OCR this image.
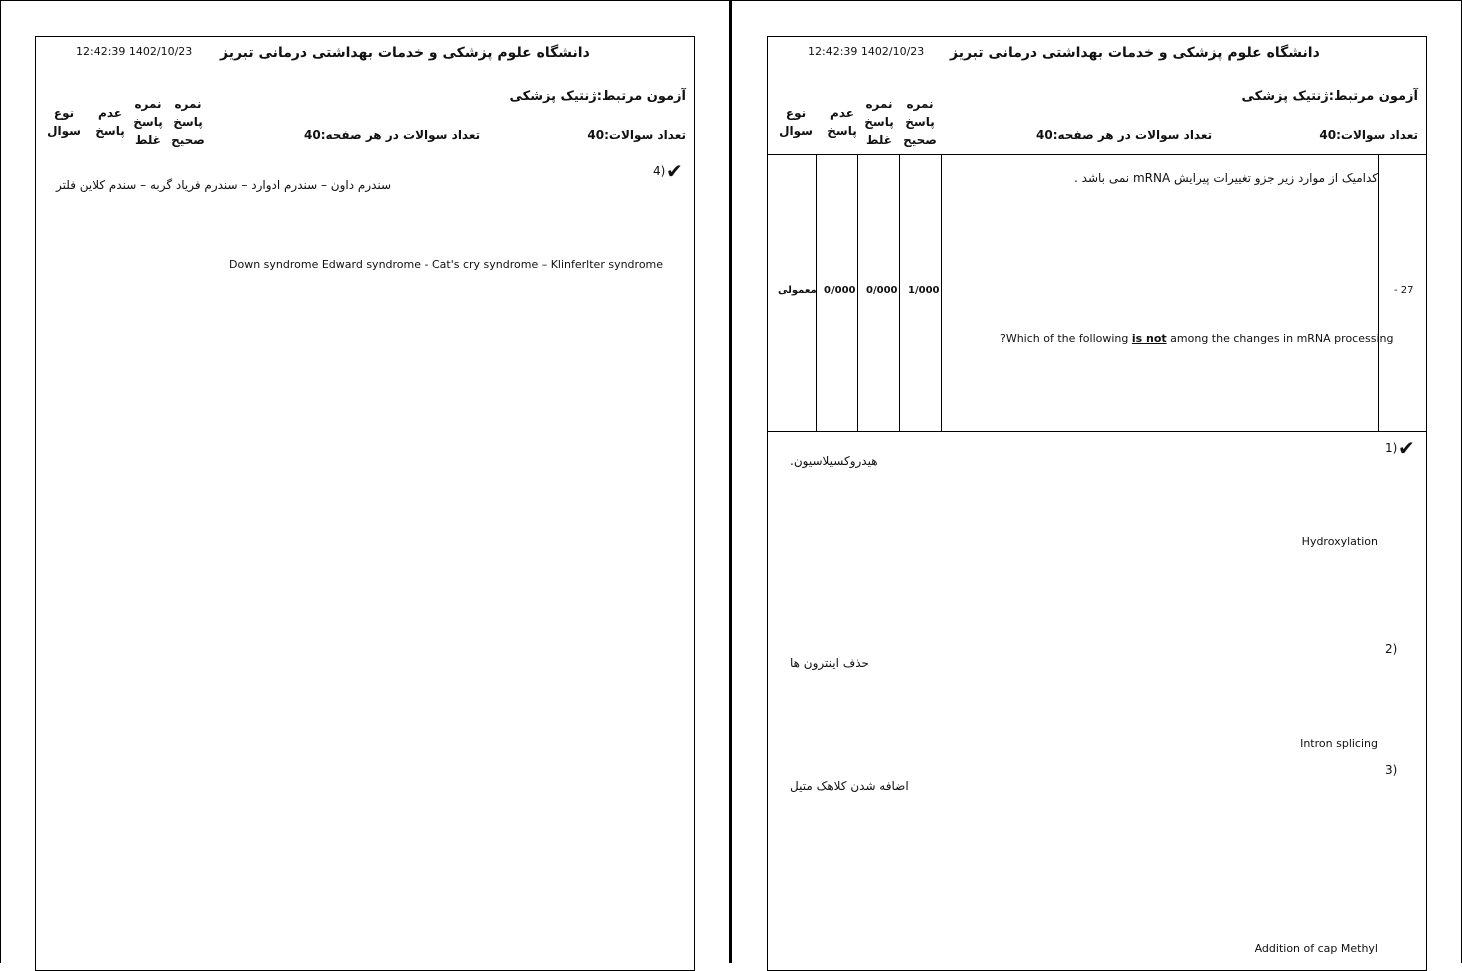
12:42:39 1402/10/23 دانشگاه علوم پزشکی و خدمات بهداشتی درمانی تبریز
آزمون مرتبط:ژنتیک پزشکی
تعداد سوالات:40
تعداد سوالات در هر صفحه:40
نمره
پاسخ
صحیح
نمره
پاسخ
غلط
عدم
پاسخ
نوع
سوال
✔
4)
سندرم داون – سندرم ادوارد – سندرم فریاد گربه – سندم کلاین فلتر
Down syndrome Edward syndrome - Cat's cry syndrome – Klinferlter syndrome
12:42:39 1402/10/23 دانشگاه علوم پزشکی و خدمات بهداشتی درمانی تبریز
آزمون مرتبط:ژنتیک پزشکی
تعداد سوالات:40
تعداد سوالات در هر صفحه:40
نمره
پاسخ
صحیح
نمره
پاسخ
غلط
عدم
پاسخ
نوع
سوال
معمولی 0/000 0/000 1/000	27 -
کدامیک از موارد زیر جزو تغییرات پیرایش mRNA نمی باشد .
?Which of the following is not among the changes in mRNA processing
✔
1)
هیدروکسیلاسیون.
Hydroxylation
2)
حذف اینترون ها
Intron splicing
3)
اضافه شدن کلاهک متیل
Addition of cap Methyl
